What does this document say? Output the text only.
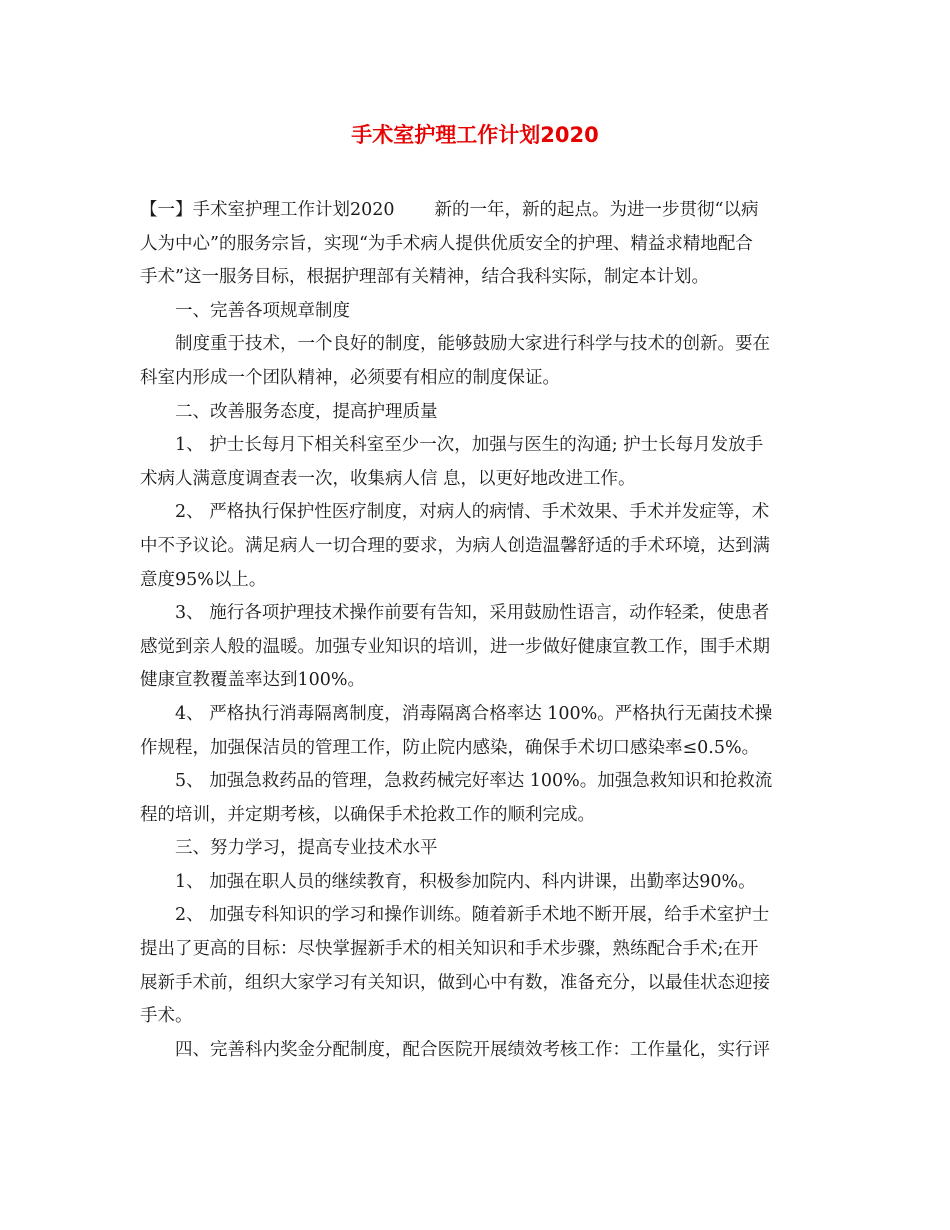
手术室护理工作计划2020
【一】手术室护理工作计划2020 新的一年，新的起点。为进一步贯彻“以病
人为中心”的服务宗旨，实现“为手术病人提供优质安全的护理、精益求精地配合
手术”这一服务目标，根据护理部有关精神，结合我科实际，制定本计划。
一、完善各项规章制度
制度重于技术，一个良好的制度，能够鼓励大家进行科学与技术的创新。要在
科室内形成一个团队精神，必须要有相应的制度保证。
二、改善服务态度，提高护理质量
1、 护士长每月下相关科室至少一次，加强与医生的沟通; 护士长每月发放手
术病人满意度调查表一次，收集病人信 息，以更好地改进工作。
2、 严格执行保护性医疗制度，对病人的病情、手术效果、手术并发症等，术
中不予议论。满足病人一切合理的要求，为病人创造温馨舒适的手术环境，达到满
意度95%以上。
3、 施行各项护理技术操作前要有告知，采用鼓励性语言，动作轻柔，使患者
感觉到亲人般的温暖。加强专业知识的培训，进一步做好健康宣教工作，围手术期
健康宣教覆盖率达到100%。
4、 严格执行消毒隔离制度，消毒隔离合格率达 100%。严格执行无菌技术操
作规程，加强保洁员的管理工作，防止院内感染，确保手术切口感染率≤0.5%。
5、 加强急救药品的管理，急救药械完好率达 100%。加强急救知识和抢救流
程的培训，并定期考核，以确保手术抢救工作的顺利完成。
三、努力学习，提高专业技术水平
1、 加强在职人员的继续教育，积极参加院内、科内讲课，出勤率达90%。
2、 加强专科知识的学习和操作训练。随着新手术地不断开展，给手术室护士
提出了更高的目标：尽快掌握新手术的相关知识和手术步骤，熟练配合手术;在开
展新手术前，组织大家学习有关知识，做到心中有数，准备充分，以最佳状态迎接
手术。
四、完善科内奖金分配制度，配合医院开展绩效考核工作：工作量化，实行评
